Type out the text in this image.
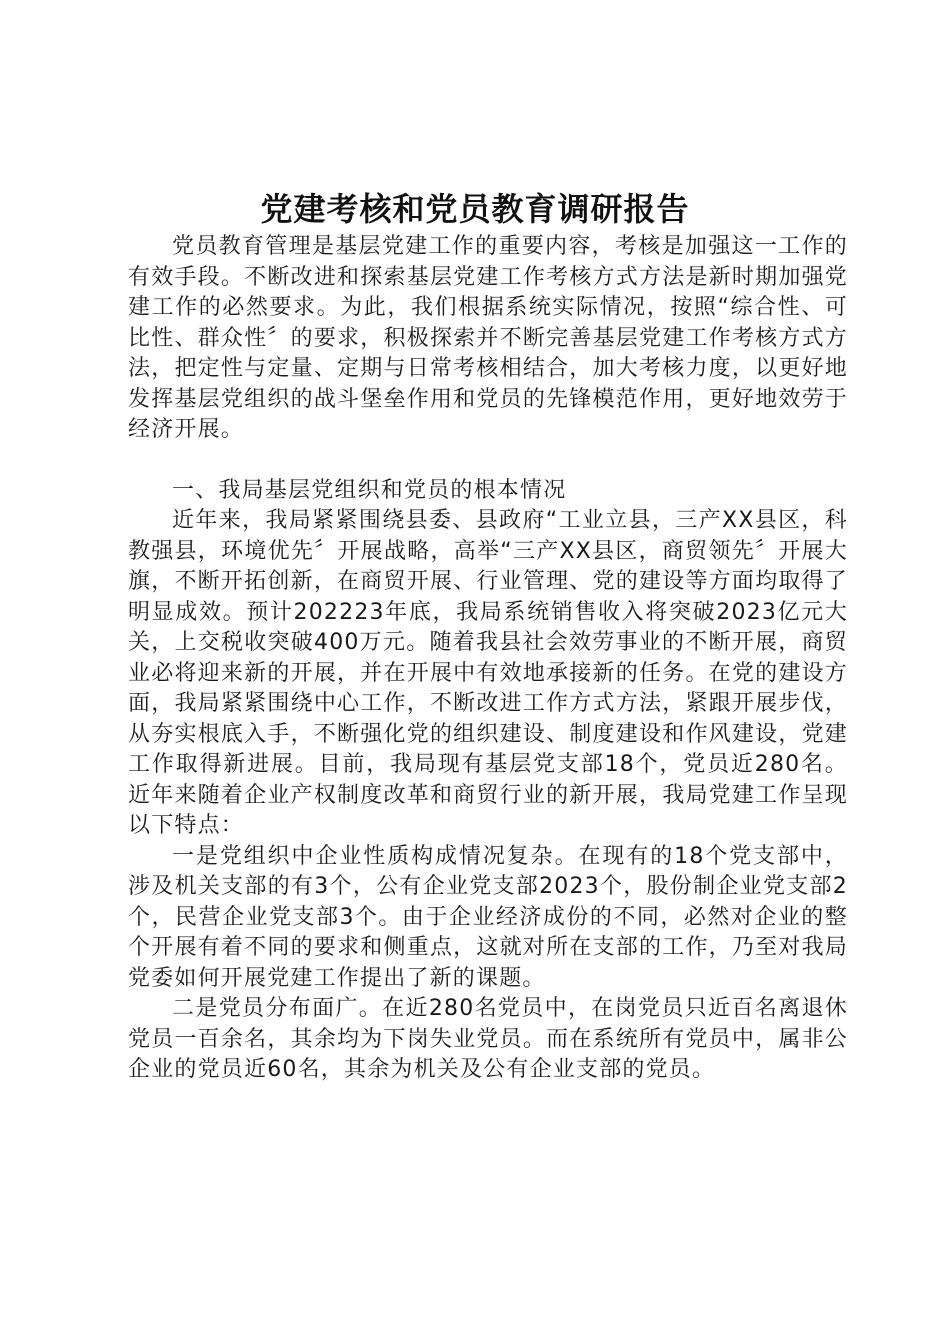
党建考核和党员教育调研报告

党员教育管理是基层党建工作的重要内容，考核是加强这一工作的有效手段。不断改进和探索基层党建工作考核方式方法是新时期加强党建工作的必然要求。为此，我们根据系统实际情况，按照“综合性、可比性、群众性〞的要求，积极探索并不断完善基层党建工作考核方式方法，把定性与定量、定期与日常考核相结合，加大考核力度，以更好地发挥基层党组织的战斗堡垒作用和党员的先锋模范作用，更好地效劳于经济开展。

一、我局基层党组织和党员的根本情况

近年来，我局紧紧围绕县委、县政府“工业立县，三产XX县区，科教强县，环境优先〞开展战略，高举“三产XX县区，商贸领先〞开展大旗，不断开拓创新，在商贸开展、行业管理、党的建设等方面均取得了明显成效。预计202223年底，我局系统销售收入将突破2023亿元大关，上交税收突破400万元。随着我县社会效劳事业的不断开展，商贸业必将迎来新的开展，并在开展中有效地承接新的任务。在党的建设方面，我局紧紧围绕中心工作，不断改进工作方式方法，紧跟开展步伐，从夯实根底入手，不断强化党的组织建设、制度建设和作风建设，党建工作取得新进展。目前，我局现有基层党支部18个，党员近280名。近年来随着企业产权制度改革和商贸行业的新开展，我局党建工作呈现以下特点：

一是党组织中企业性质构成情况复杂。在现有的18个党支部中，涉及机关支部的有3个，公有企业党支部2023个，股份制企业党支部2个，民营企业党支部3个。由于企业经济成份的不同，必然对企业的整个开展有着不同的要求和侧重点，这就对所在支部的工作，乃至对我局党委如何开展党建工作提出了新的课题。

二是党员分布面广。在近280名党员中，在岗党员只近百名离退休党员一百余名，其余均为下岗失业党员。而在系统所有党员中，属非公企业的党员近60名，其余为机关及公有企业支部的党员。
